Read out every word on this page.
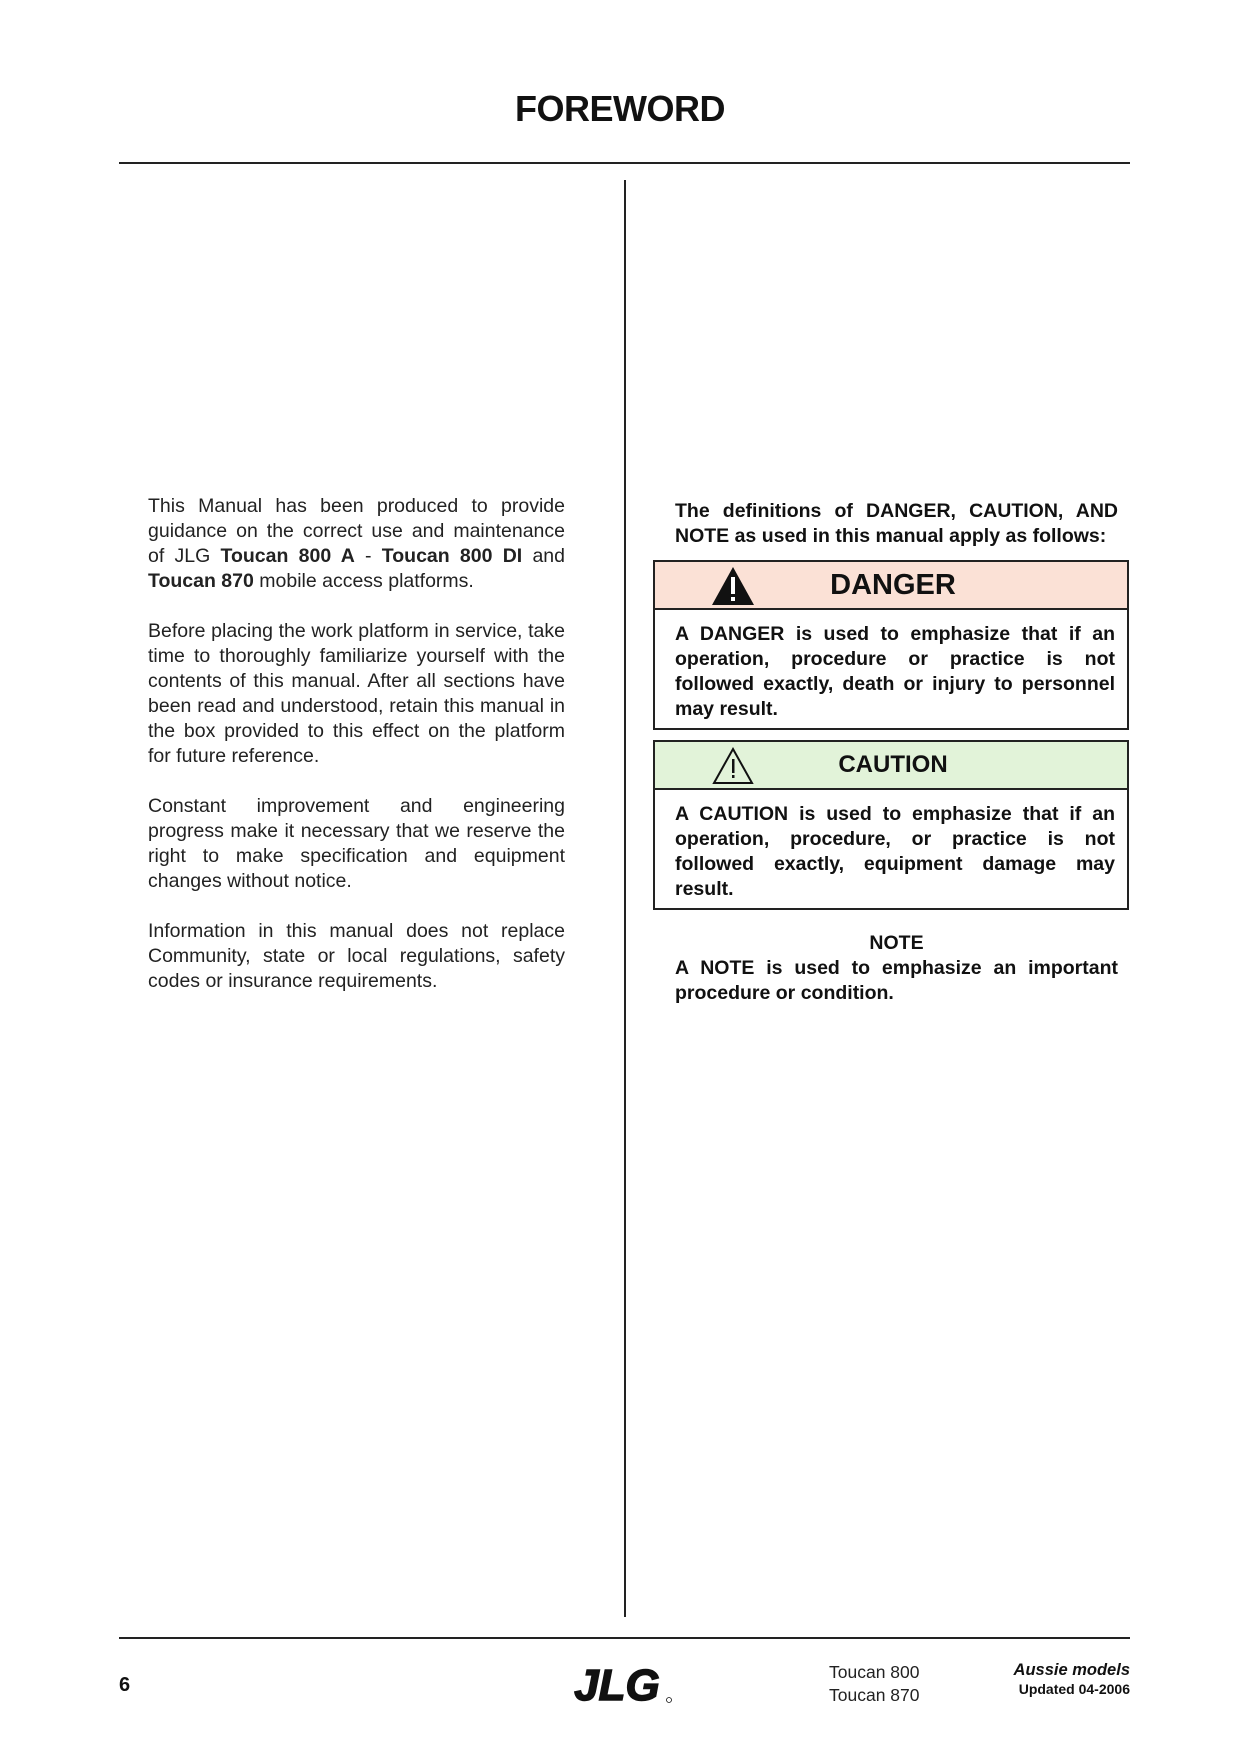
FOREWORD

This Manual has been produced to provide guidance on the correct use and maintenance of JLG Toucan 800 A - Toucan 800 DI and Toucan 870 mobile access platforms.

Before placing the work platform in service, take time to thoroughly familiarize yourself with the contents of this manual. After all sections have been read and understood, retain this manual in the box provided to this effect on the platform for future reference.

Constant improvement and engineering progress make it necessary that we reserve the right to make specification and equipment changes without notice.

Information in this manual does not replace Community, state or local regulations, safety codes or insurance requirements.

The definitions of DANGER, CAUTION, AND NOTE as used in this manual apply as follows:
DANGER
A DANGER is used to emphasize that if an operation, procedure or practice is not followed exactly, death or injury to personnel may result.
CAUTION
A CAUTION is used to emphasize that if an operation, procedure, or practice is not followed exactly, equipment damage may result.
NOTE
A NOTE is used to emphasize an important procedure or condition.
6	JLG	Toucan 800
Toucan 870
Aussie models
Updated 04-2006
